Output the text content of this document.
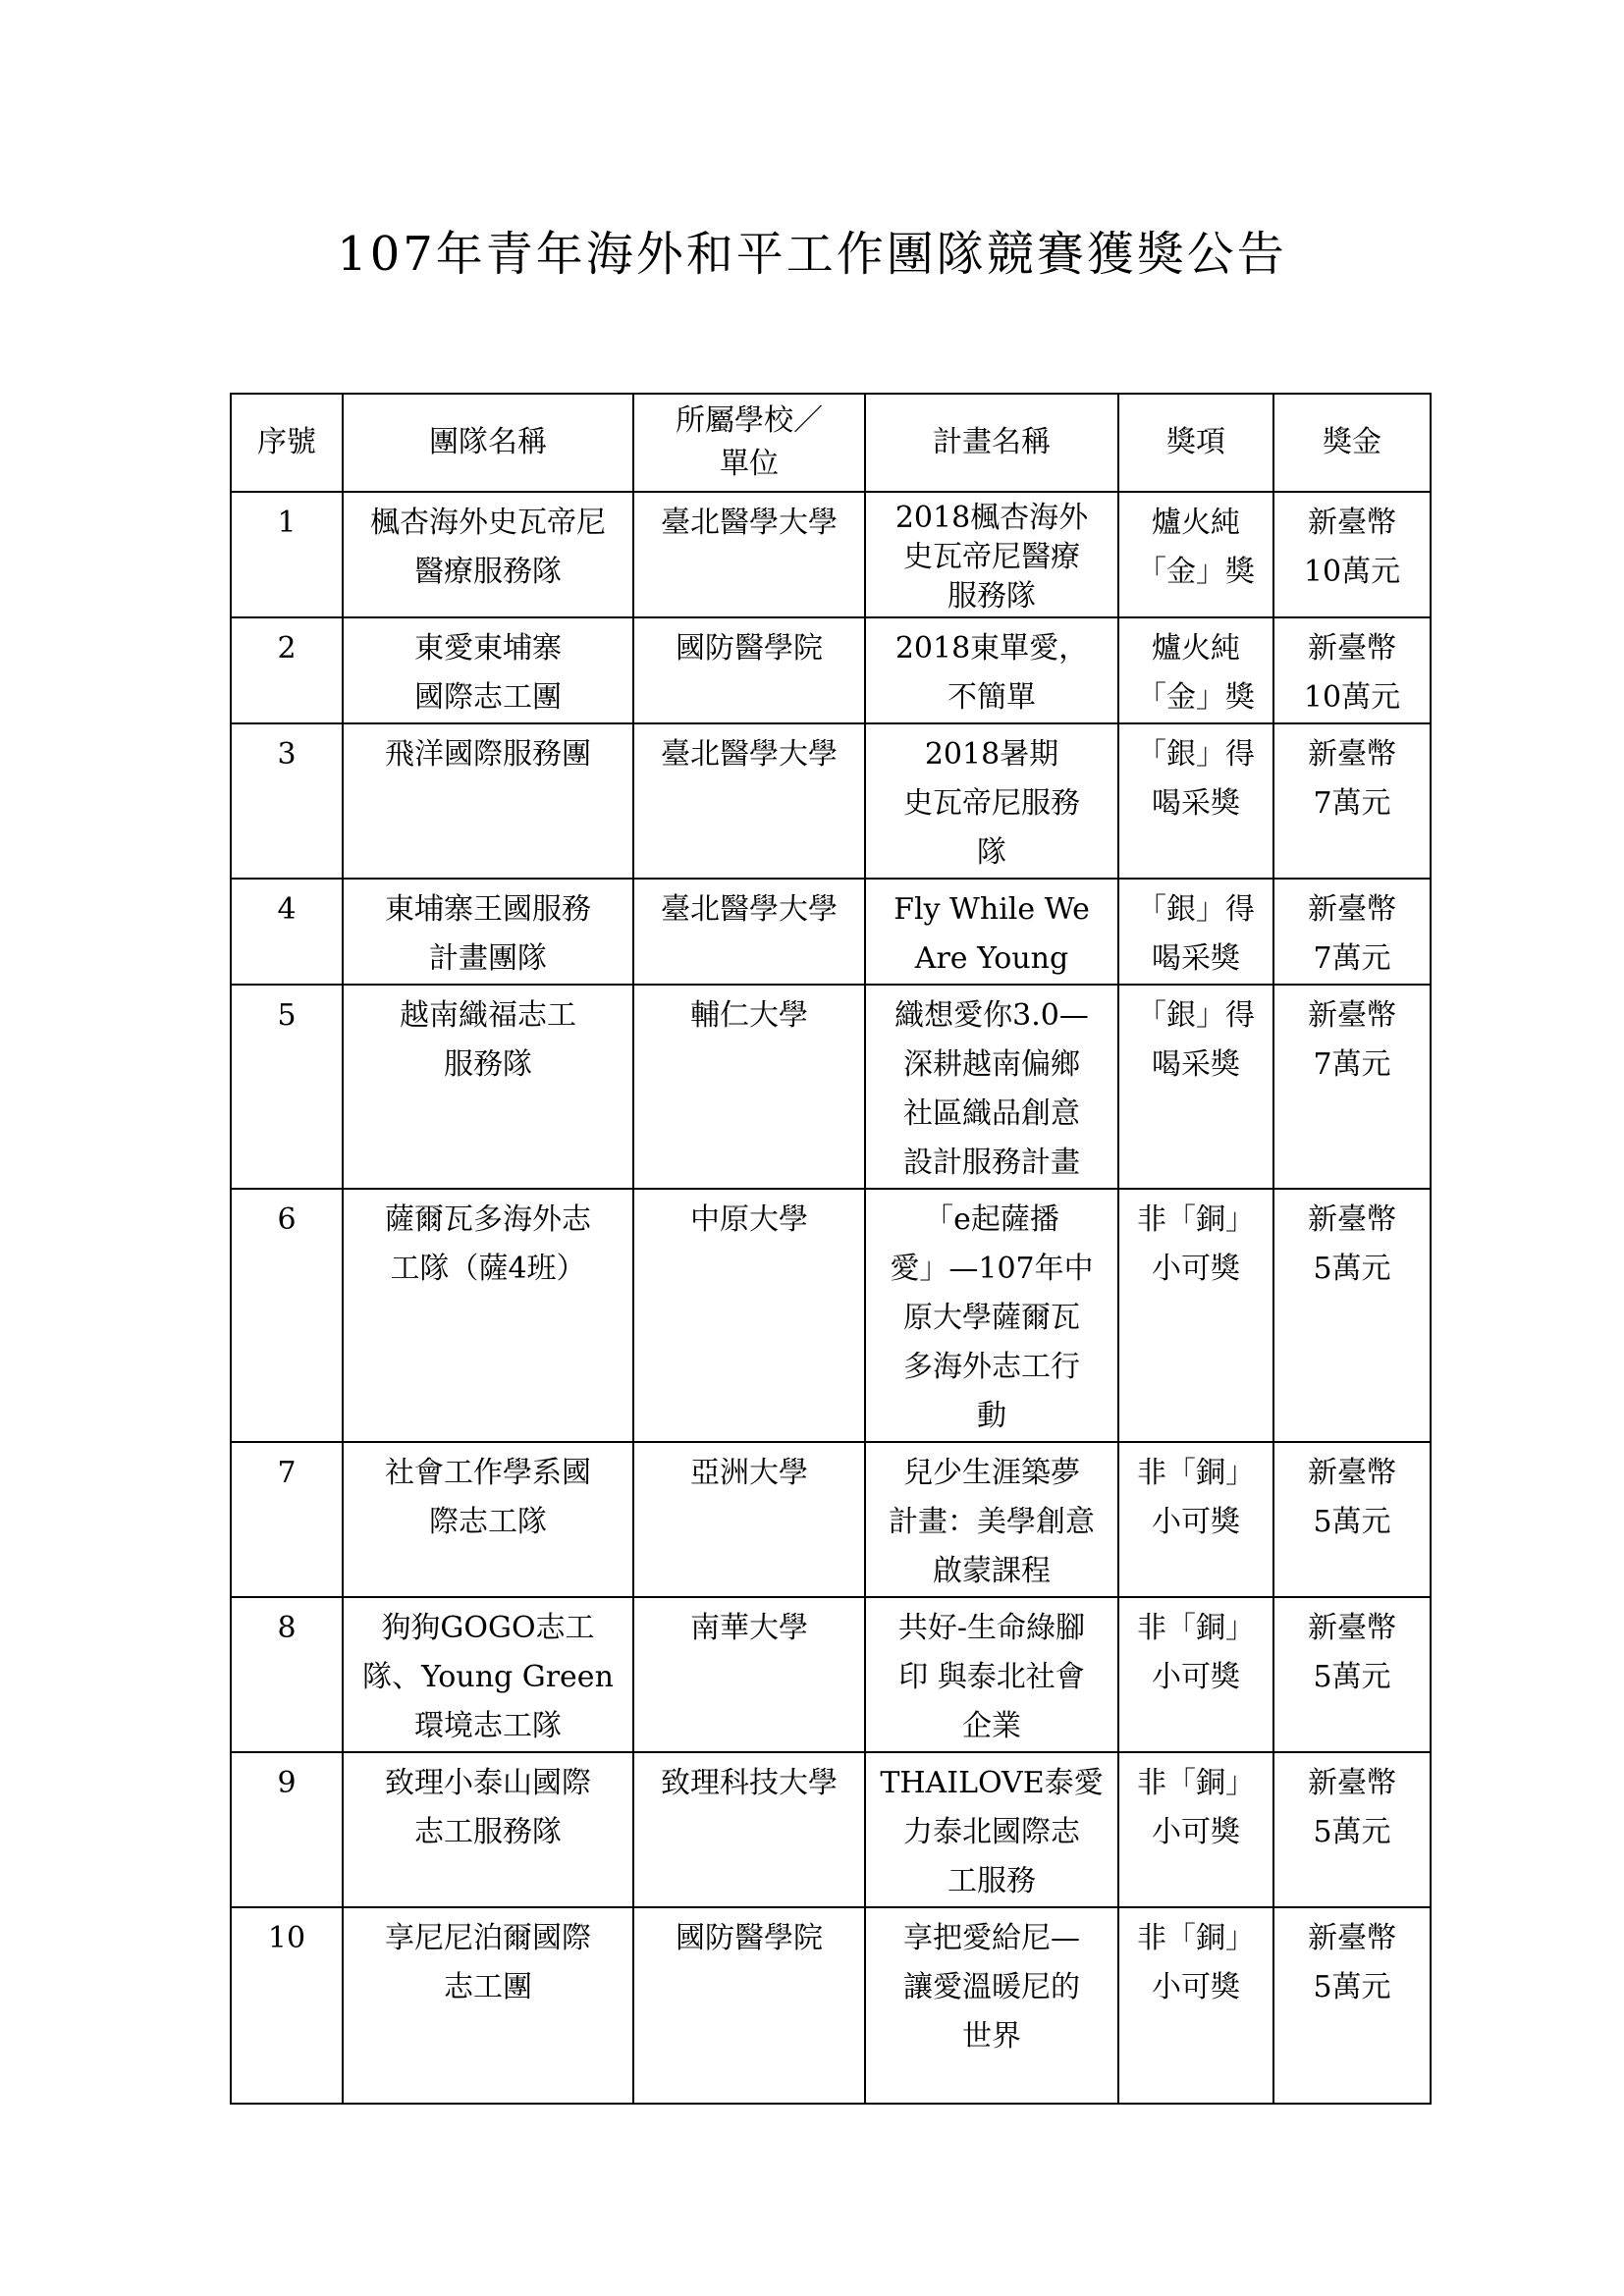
107年青年海外和平工作團隊競賽獲獎公告
序號	團隊名稱	所屬學校／
單位	計畫名稱	獎項	獎金
1	楓杏海外史瓦帝尼
醫療服務隊	臺北醫學大學	2018楓杏海外
史瓦帝尼醫療
服務隊	爐火純
「金」獎	新臺幣
10萬元
2	東愛東埔寨
國際志工團	國防醫學院	2018東單愛，
不簡單	爐火純
「金」獎	新臺幣
10萬元
3	飛洋國際服務團	臺北醫學大學	2018暑期
史瓦帝尼服務
隊	「銀」得
喝采獎	新臺幣
7萬元
4	東埔寨王國服務
計畫團隊	臺北醫學大學	Fly While We
Are Young	「銀」得
喝采獎	新臺幣
7萬元
5	越南織福志工
服務隊	輔仁大學	織想愛你3.0—
深耕越南偏鄉
社區織品創意
設計服務計畫	「銀」得
喝采獎	新臺幣
7萬元
6	薩爾瓦多海外志
工隊（薩4班）	中原大學	「e起薩播
愛」—107年中
原大學薩爾瓦
多海外志工行
動	非「銅」
小可獎	新臺幣
5萬元
7	社會工作學系國
際志工隊	亞洲大學	兒少生涯築夢
計畫：美學創意
啟蒙課程	非「銅」
小可獎	新臺幣
5萬元
8	狗狗GOGO志工
隊、Young Green
環境志工隊	南華大學	共好-生命綠腳
印 與泰北社會
企業	非「銅」
小可獎	新臺幣
5萬元
9	致理小泰山國際
志工服務隊	致理科技大學	THAILOVE泰愛
力泰北國際志
工服務	非「銅」
小可獎	新臺幣
5萬元
10	享尼尼泊爾國際
志工團	國防醫學院	享把愛給尼—
讓愛溫暖尼的
世界	非「銅」
小可獎	新臺幣
5萬元
